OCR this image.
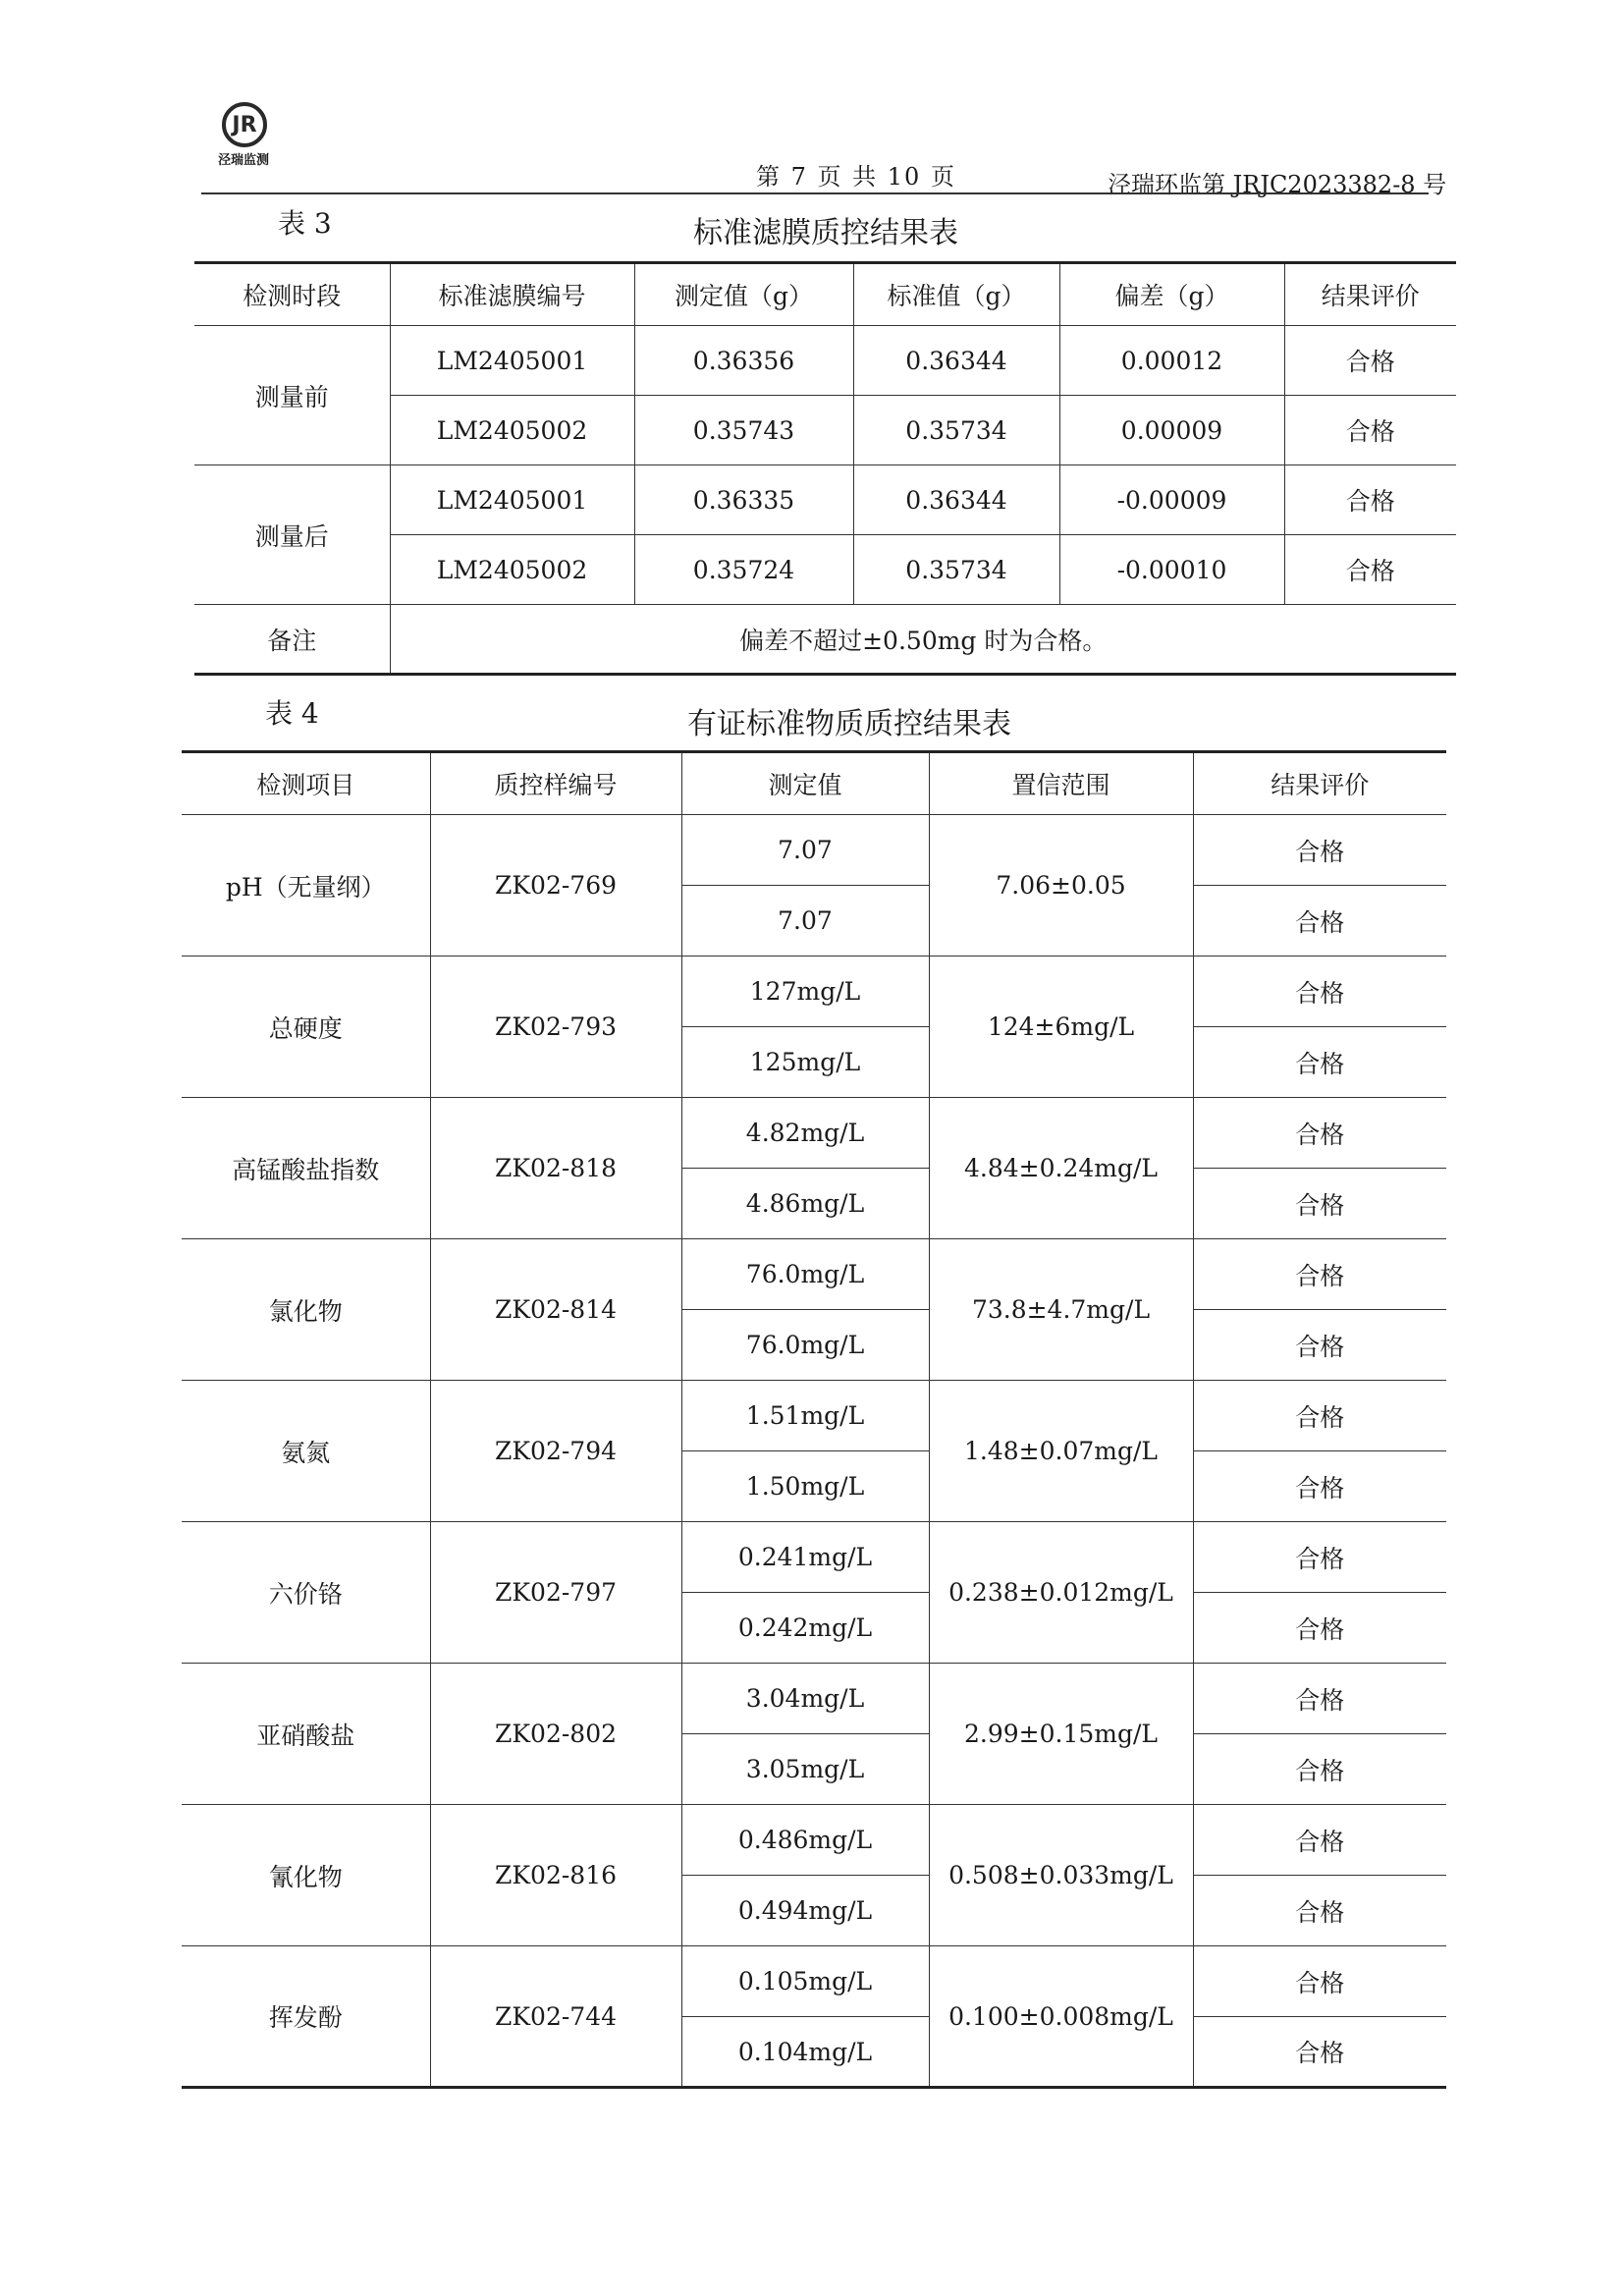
JR
泾瑞监测
第 7 页 共 10 页	泾瑞环监第 JRJC2023382-8 号
表 3	标准滤膜质控结果表
检测时段	标准滤膜编号	测定值（g）	标准值（g）	偏差（g）	结果评价
测量前	LM2405001	0.36356	0.36344	0.00012	合格
	LM2405002	0.35743	0.35734	0.00009	合格
测量后	LM2405001	0.36335	0.36344	-0.00009	合格
	LM2405002	0.35724	0.35734	-0.00010	合格
备注	偏差不超过±0.50mg 时为合格。				
表 4	有证标准物质质控结果表
检测项目	质控样编号	测定值	置信范围	结果评价
pH（无量纲）	ZK02-769	7.07	7.06±0.05	合格
		7.07		合格
总硬度	ZK02-793	127mg/L	124±6mg/L	合格
		125mg/L		合格
高锰酸盐指数	ZK02-818	4.82mg/L	4.84±0.24mg/L	合格
		4.86mg/L		合格
氯化物	ZK02-814	76.0mg/L	73.8±4.7mg/L	合格
		76.0mg/L		合格
氨氮	ZK02-794	1.51mg/L	1.48±0.07mg/L	合格
		1.50mg/L		合格
六价铬	ZK02-797	0.241mg/L	0.238±0.012mg/L	合格
		0.242mg/L		合格
亚硝酸盐	ZK02-802	3.04mg/L	2.99±0.15mg/L	合格
		3.05mg/L		合格
氰化物	ZK02-816	0.486mg/L	0.508±0.033mg/L	合格
		0.494mg/L		合格
挥发酚	ZK02-744	0.105mg/L	0.100±0.008mg/L	合格
		0.104mg/L		合格
